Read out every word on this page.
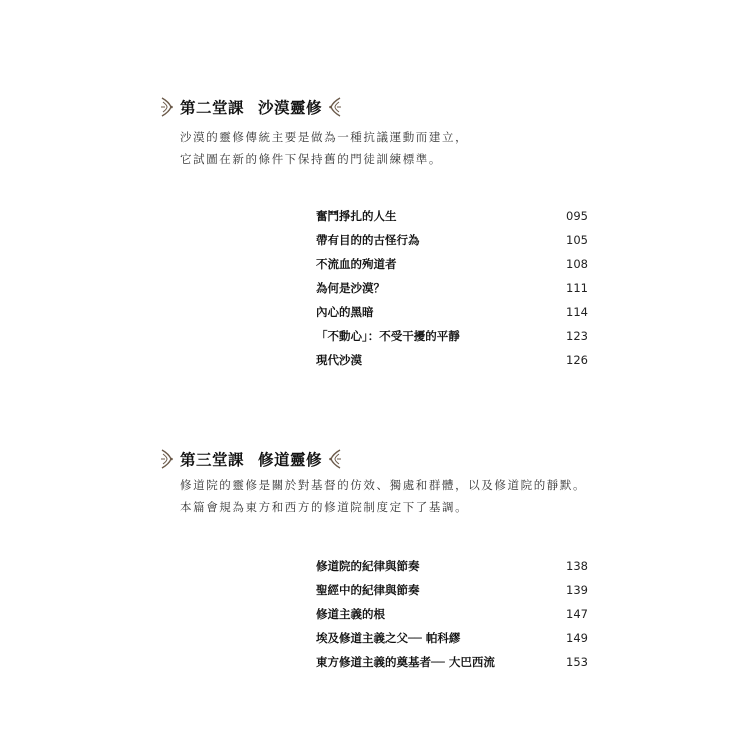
第二堂課 沙漠靈修
沙漠的靈修傳統主要是做為一種抗議運動而建立，
它試圖在新的條件下保持舊的門徒訓練標準。
奮鬥掙扎的人生	095
帶有目的的古怪行為	105
不流血的殉道者	108
為何是沙漠？	111
內心的黑暗	114
「不動心」：不受干擾的平靜	123
現代沙漠	126
第三堂課 修道靈修
修道院的靈修是關於對基督的仿效、獨處和群體，以及修道院的靜默。
本篇會規為東方和西方的修道院制度定下了基調。
修道院的紀律與節奏	138
聖經中的紀律與節奏	139
修道主義的根	147
埃及修道主義之父── 帕科繆	149
東方修道主義的奠基者── 大巴西流	153
